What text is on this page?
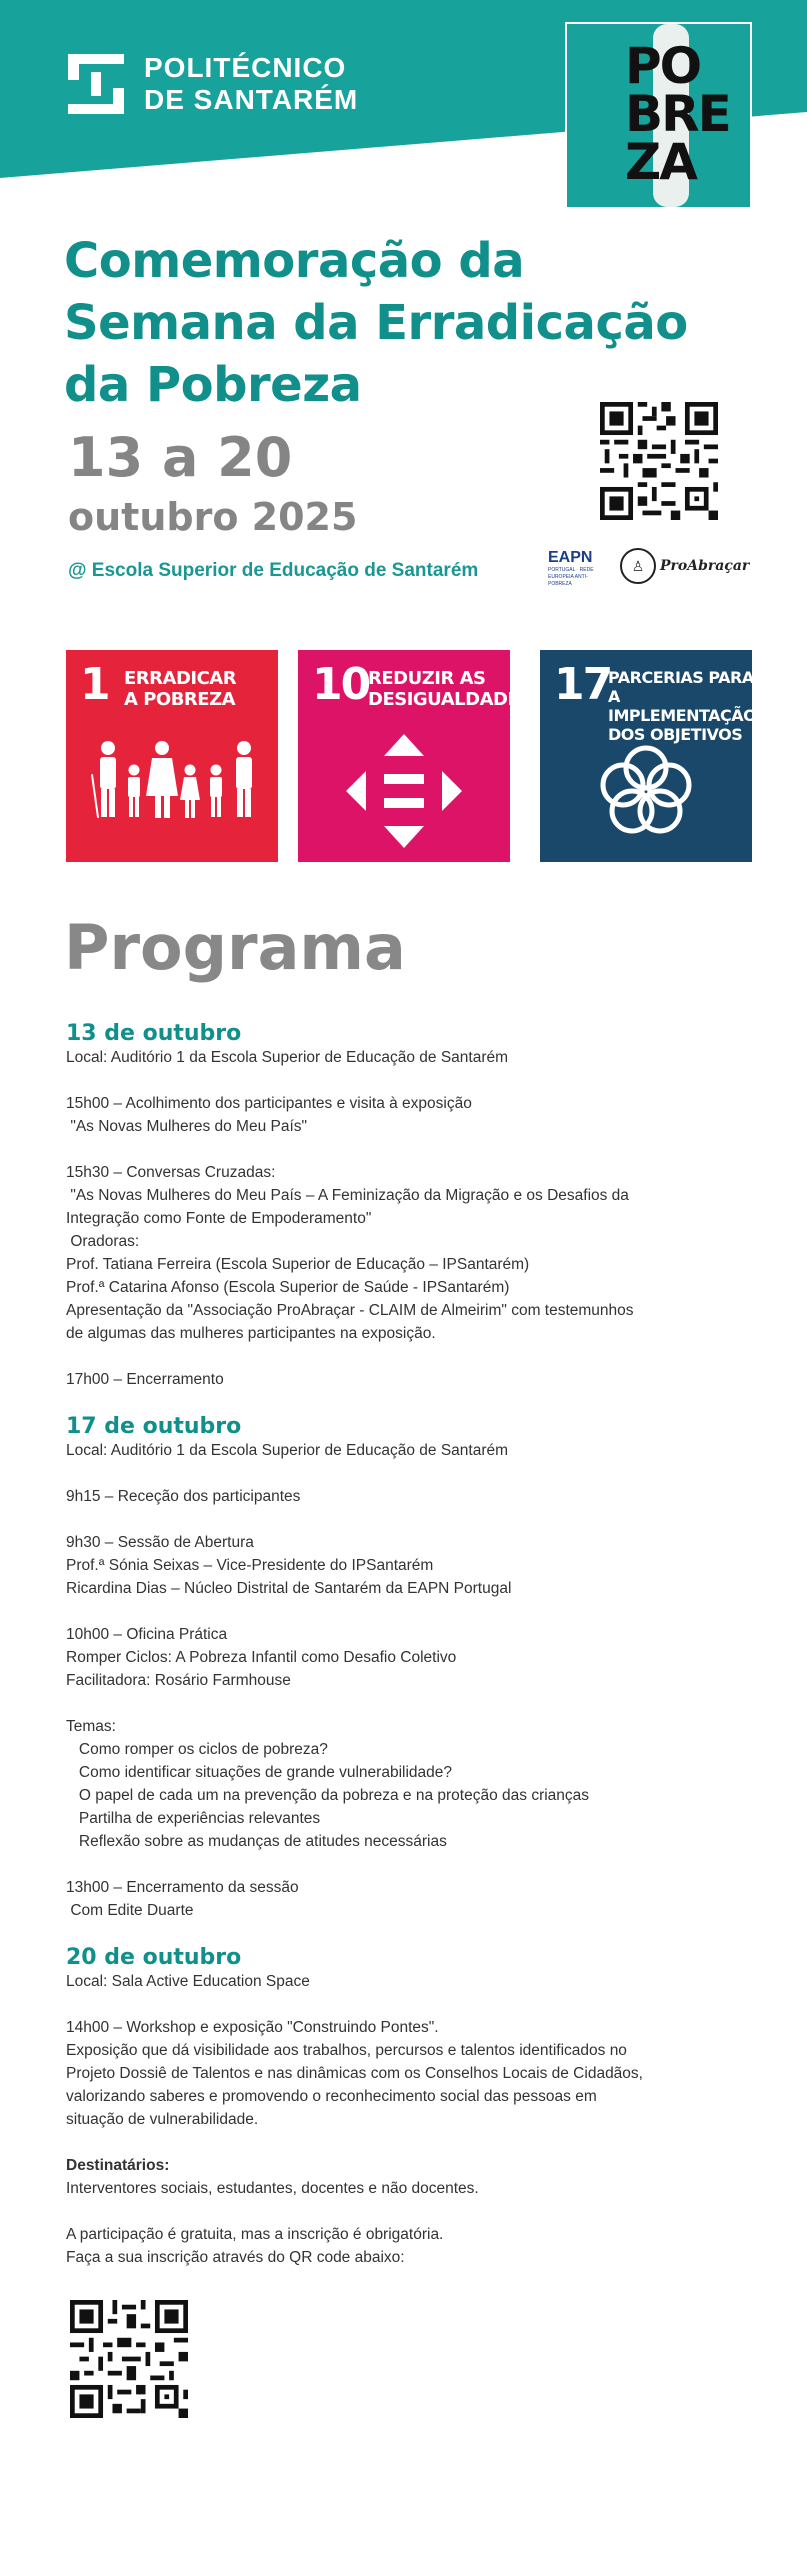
POLITÉCNICO
DE SANTARÉM
PO BRE ZA
Comemoração da
Semana da Erradicação
da Pobreza
13 a 20
outubro 2025
@ Escola Superior de Educação de Santarém
EAPN
PORTUGAL · REDE EUROPEIA ANTI-POBREZA
♙	ProAbraçar
1 ERRADICAR
A POBREZA 10
REDUZIR AS
DESIGUALDADES 17
PARCERIAS PARA
A IMPLEMENTAÇÃO
DOS OBJETIVOS
Programa
13 de outubro
Local: Auditório 1 da Escola Superior de Educação de Santarém
15h00 – Acolhimento dos participantes e visita à exposição
"As Novas Mulheres do Meu País"
15h30 – Conversas Cruzadas:
"As Novas Mulheres do Meu País – A Feminização da Migração e os Desafios da
Integração como Fonte de Empoderamento"
Oradoras:
Prof. Tatiana Ferreira (Escola Superior de Educação – IPSantarém)
Prof.ª Catarina Afonso (Escola Superior de Saúde - IPSantarém)
Apresentação da "Associação ProAbraçar - CLAIM de Almeirim" com testemunhos
de algumas das mulheres participantes na exposição.
17h00 – Encerramento
17 de outubro
Local: Auditório 1 da Escola Superior de Educação de Santarém
9h15 – Receção dos participantes
9h30 – Sessão de Abertura
Prof.ª Sónia Seixas – Vice-Presidente do IPSantarém
Ricardina Dias – Núcleo Distrital de Santarém da EAPN Portugal
10h00 – Oficina Prática
Romper Ciclos: A Pobreza Infantil como Desafio Coletivo
Facilitadora: Rosário Farmhouse
Temas:
Como romper os ciclos de pobreza?
Como identificar situações de grande vulnerabilidade?
O papel de cada um na prevenção da pobreza e na proteção das crianças
Partilha de experiências relevantes
Reflexão sobre as mudanças de atitudes necessárias
13h00 – Encerramento da sessão
Com Edite Duarte
20 de outubro
Local: Sala Active Education Space
14h00 – Workshop e exposição "Construindo Pontes".
Exposição que dá visibilidade aos trabalhos, percursos e talentos identificados no
Projeto Dossiê de Talentos e nas dinâmicas com os Conselhos Locais de Cidadãos,
valorizando saberes e promovendo o reconhecimento social das pessoas em
situação de vulnerabilidade.
Destinatários:
Interventores sociais, estudantes, docentes e não docentes.
A participação é gratuita, mas a inscrição é obrigatória.
Faça a sua inscrição através do QR code abaixo:
